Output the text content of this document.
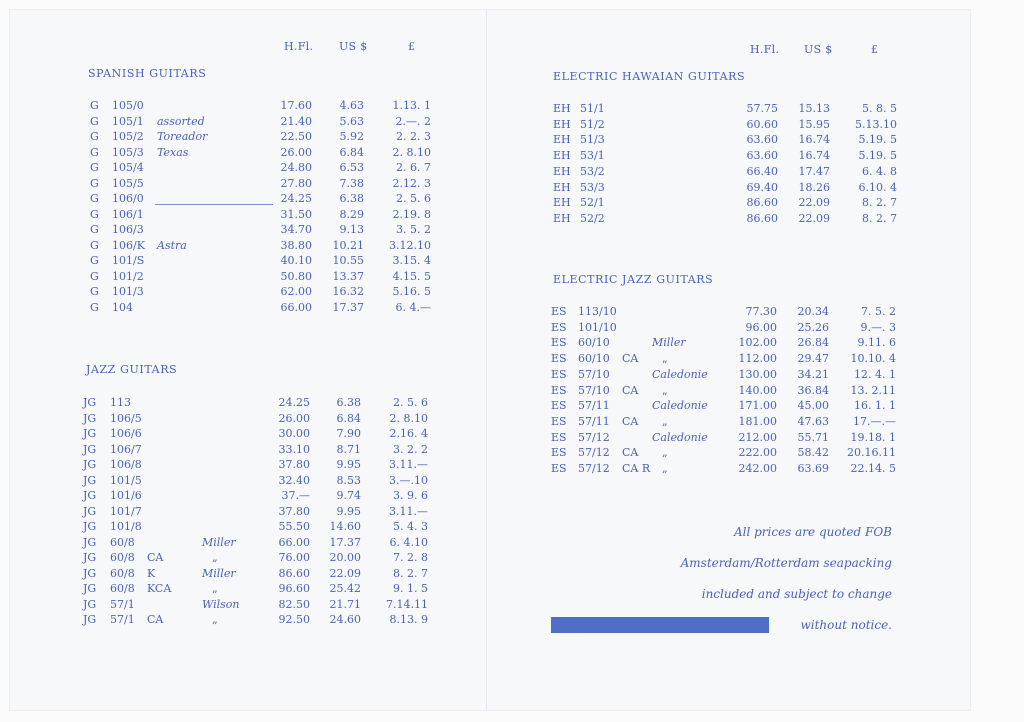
H.Fl. US $	£	H.Fl. US $	£
SPANISH GUITARS
JAZZ GUITARS
ELECTRIC HAWAIAN GUITARS
ELECTRIC JAZZ GUITARS
G 105/0	17.60	4.63	1.13. 1
G 105/1 assorted	21.40	5.63	2.—. 2
G 105/2 Toreador	22.50	5.92	2. 2. 3
G 105/3 Texas	26.00	6.84	2. 8.10
G 105/4	24.80	6.53	2. 6. 7
G 105/5	27.80	7.38	2.12. 3
G 106/0	24.25	6.38	2. 5. 6
G 106/1	31.50	8.29	2.19. 8
G 106/3	34.70	9.13	3. 5. 2
G 106/K Astra	38.80	10.21	3.12.10
G 101/S	40.10	10.55	3.15. 4
G 101/2	50.80	13.37	4.15. 5
G 101/3	62.00	16.32	5.16. 5
G 104	66.00	17.37	6. 4.—
JG 113	24.25	6.38	2. 5. 6
JG 106/5	26.00	6.84	2. 8.10
JG 106/6	30.00	7.90	2.16. 4
JG 106/7	33.10	8.71	3. 2. 2
JG 106/8	37.80	9.95	3.11.—
JG 101/5	32.40	8.53	3.—.10
JG 101/6	37.—	9.74	3. 9. 6
JG 101/7	37.80	9.95	3.11.—
JG 101/8	55.50	14.60	5. 4. 3
JG 60/8	Miller	66.00	17.37	6. 4.10
JG 60/8 CA	„	76.00	20.00	7. 2. 8
JG 60/8 K	Miller	86.60	22.09	8. 2. 7
JG 60/8 KCA	„	96.60	25.42	9. 1. 5
JG 57/1	Wilson	82.50	21.71	7.14.11
JG 57/1 CA	„	92.50	24.60	8.13. 9
EH 51/1	57.75	15.13	5. 8. 5
EH 51/2	60.60	15.95	5.13.10
EH 51/3	63.60	16.74	5.19. 5
EH 53/1	63.60	16.74	5.19. 5
EH 53/2	66.40	17.47	6. 4. 8
EH 53/3	69.40	18.26	6.10. 4
EH 52/1	86.60	22.09	8. 2. 7
EH 52/2	86.60	22.09	8. 2. 7
ES 113/10	77.30	20.34	7. 5. 2
ES 101/10	96.00	25.26	9.—. 3
ES 60/10	Miller	102.00	26.84	9.11. 6
ES 60/10 CA „	112.00	29.47	10.10. 4
ES 57/10	Caledonie	130.00	34.21	12. 4. 1
ES 57/10 CA „	140.00	36.84	13. 2.11
ES 57/11	Caledonie	171.00	45.00	16. 1. 1
ES 57/11 CA „	181.00	47.63	17.—.—
ES 57/12	Caledonie	212.00	55.71	19.18. 1
ES 57/12 CA „	222.00	58.42	20.16.11
ES 57/12 CA R „	242.00	63.69	22.14. 5
All prices are quoted FOB
Amsterdam/Rotterdam seapacking
included and subject to change
without notice.
